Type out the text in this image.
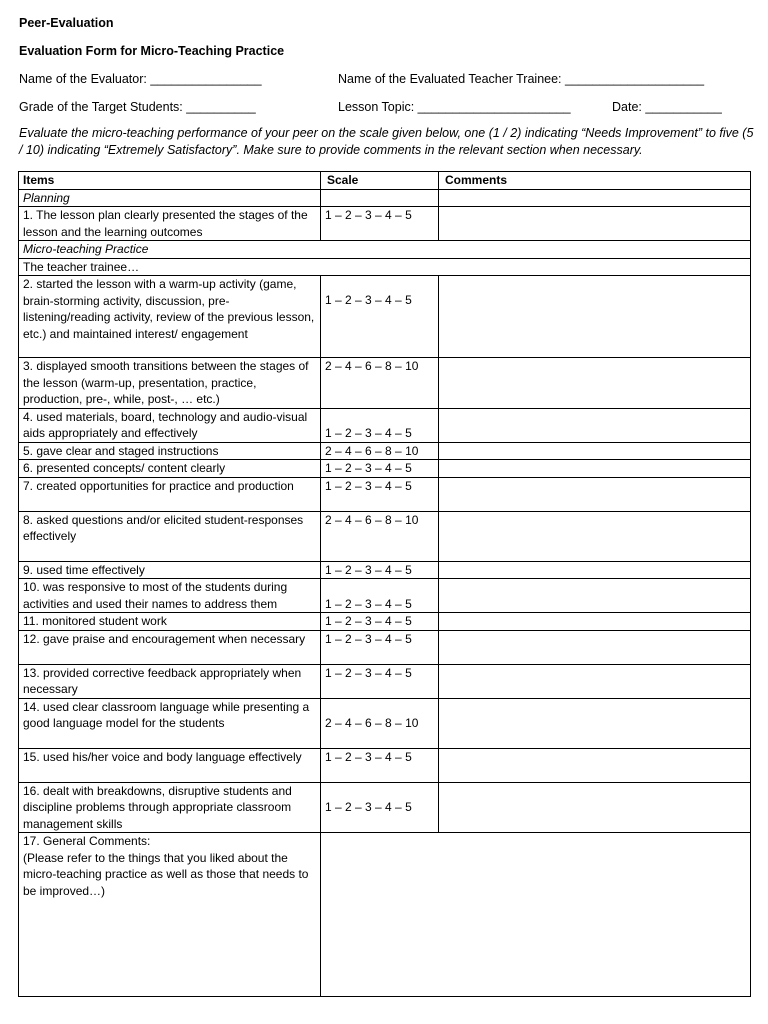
Peer-Evaluation
Evaluation Form for Micro-Teaching Practice
Name of the Evaluator: ________________	Name of the Evaluated Teacher Trainee: ____________________
Grade of the Target Students: __________	Lesson Topic: ______________________	Date: ___________
Evaluate the micro-teaching performance of your peer on the scale given below, one (1 / 2) indicating “Needs Improvement” to five (5 / 10) indicating “Extremely Satisfactory”. Make sure to provide comments in the relevant section when necessary.
Items	Scale	Comments
Planning		
1. The lesson plan clearly presented the stages of the lesson and the learning outcomes	1 – 2 – 3 – 4 – 5	
Micro-teaching Practice		
The teacher trainee…		
2. started the lesson with a warm-up activity (game, brain-storming activity, discussion, pre-listening/reading activity, review of the previous lesson, etc.) and maintained interest/ engagement	1 – 2 – 3 – 4 – 5	
3. displayed smooth transitions between the stages of the lesson (warm-up, presentation, practice, production, pre-, while, post-, … etc.)	2 – 4 – 6 – 8 – 10	
4. used materials, board, technology and audio-visual aids appropriately and effectively	1 – 2 – 3 – 4 – 5	
5. gave clear and staged instructions	2 – 4 – 6 – 8 – 10	
6. presented concepts/ content clearly	1 – 2 – 3 – 4 – 5	
7. created opportunities for practice and production	1 – 2 – 3 – 4 – 5	
8. asked questions and/or elicited student-responses effectively	2 – 4 – 6 – 8 – 10	
9. used time effectively	1 – 2 – 3 – 4 – 5	
10. was responsive to most of the students during activities and used their names to address them	1 – 2 – 3 – 4 – 5	
11. monitored student work	1 – 2 – 3 – 4 – 5	
12. gave praise and encouragement when necessary	1 – 2 – 3 – 4 – 5	
13. provided corrective feedback appropriately when necessary	1 – 2 – 3 – 4 – 5	
14. used clear classroom language while presenting a good language model for the students	2 – 4 – 6 – 8 – 10	
15. used his/her voice and body language effectively	1 – 2 – 3 – 4 – 5	
16. dealt with breakdowns, disruptive students and discipline problems through appropriate classroom management skills	1 – 2 – 3 – 4 – 5	

17. General Comments:
(Please refer to the things that you liked about the micro-teaching practice as well as those that needs to be improved…)		
